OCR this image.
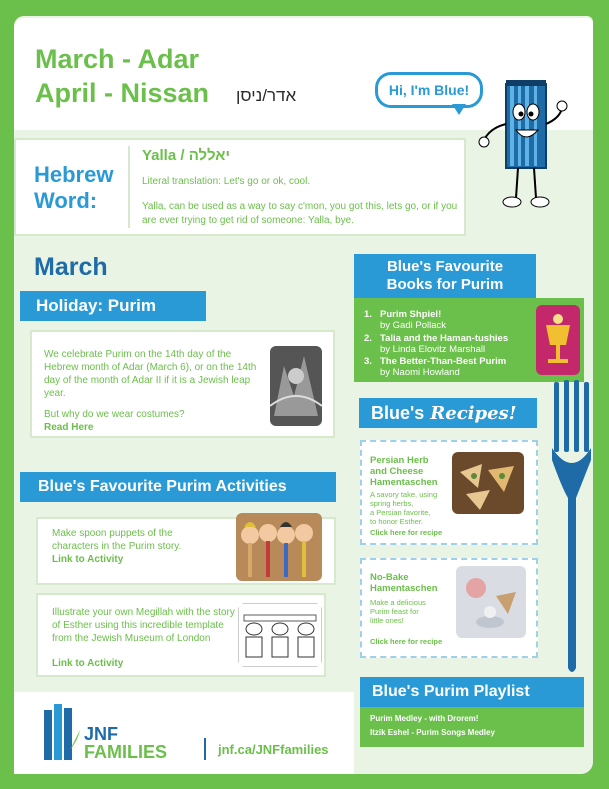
March - Adar
April - Nissan אדר/ניסן	Hi, I'm Blue!
Hebrew
Word:
Yalla / יאללה
Literal translation: Let's go or ok, cool.
Yalla, can be used as a way to say c'mon, you got this, lets go, or if you are ever trying to get rid of someone: Yalla, bye.
March
Holiday: Purim
We celebrate Purim on the 14th day of the Hebrew month of Adar (March 6), or on the 14th day of the month of Adar II if it is a Jewish leap year.
But why do we wear costumes?
Read Here
Blue's Favourite Purim Activities
Make spoon puppets of the characters in the Purim story.
Link to Activity
Illustrate your own Megillah with the story of Esther using this incredible template from the Jewish Museum of London
Link to Activity
Blue's Favourite
Books for Purim
1. Purim Shpiel!
by Gadi Pollack
2. Talia and the Haman-tushies
by Linda Elovitz Marshall
3. The Better-Than-Best Purim
by Naomi Howland
Blue's Recipes!
Persian Herb
and Cheese
Hamentaschen
A savory take, using
spring herbs,
a Persian favorite,
to honor Esther.
Click here for recipe
No-Bake
Hamentaschen
Make a delicious
Purim feast for
little ones!
Click here for recipe
Blue's Purim Playlist
Purim Medley - with Drorem!
Itzik Eshel - Purim Songs Medley
JNF
FAMILIES	jnf.ca/JNFfamilies
